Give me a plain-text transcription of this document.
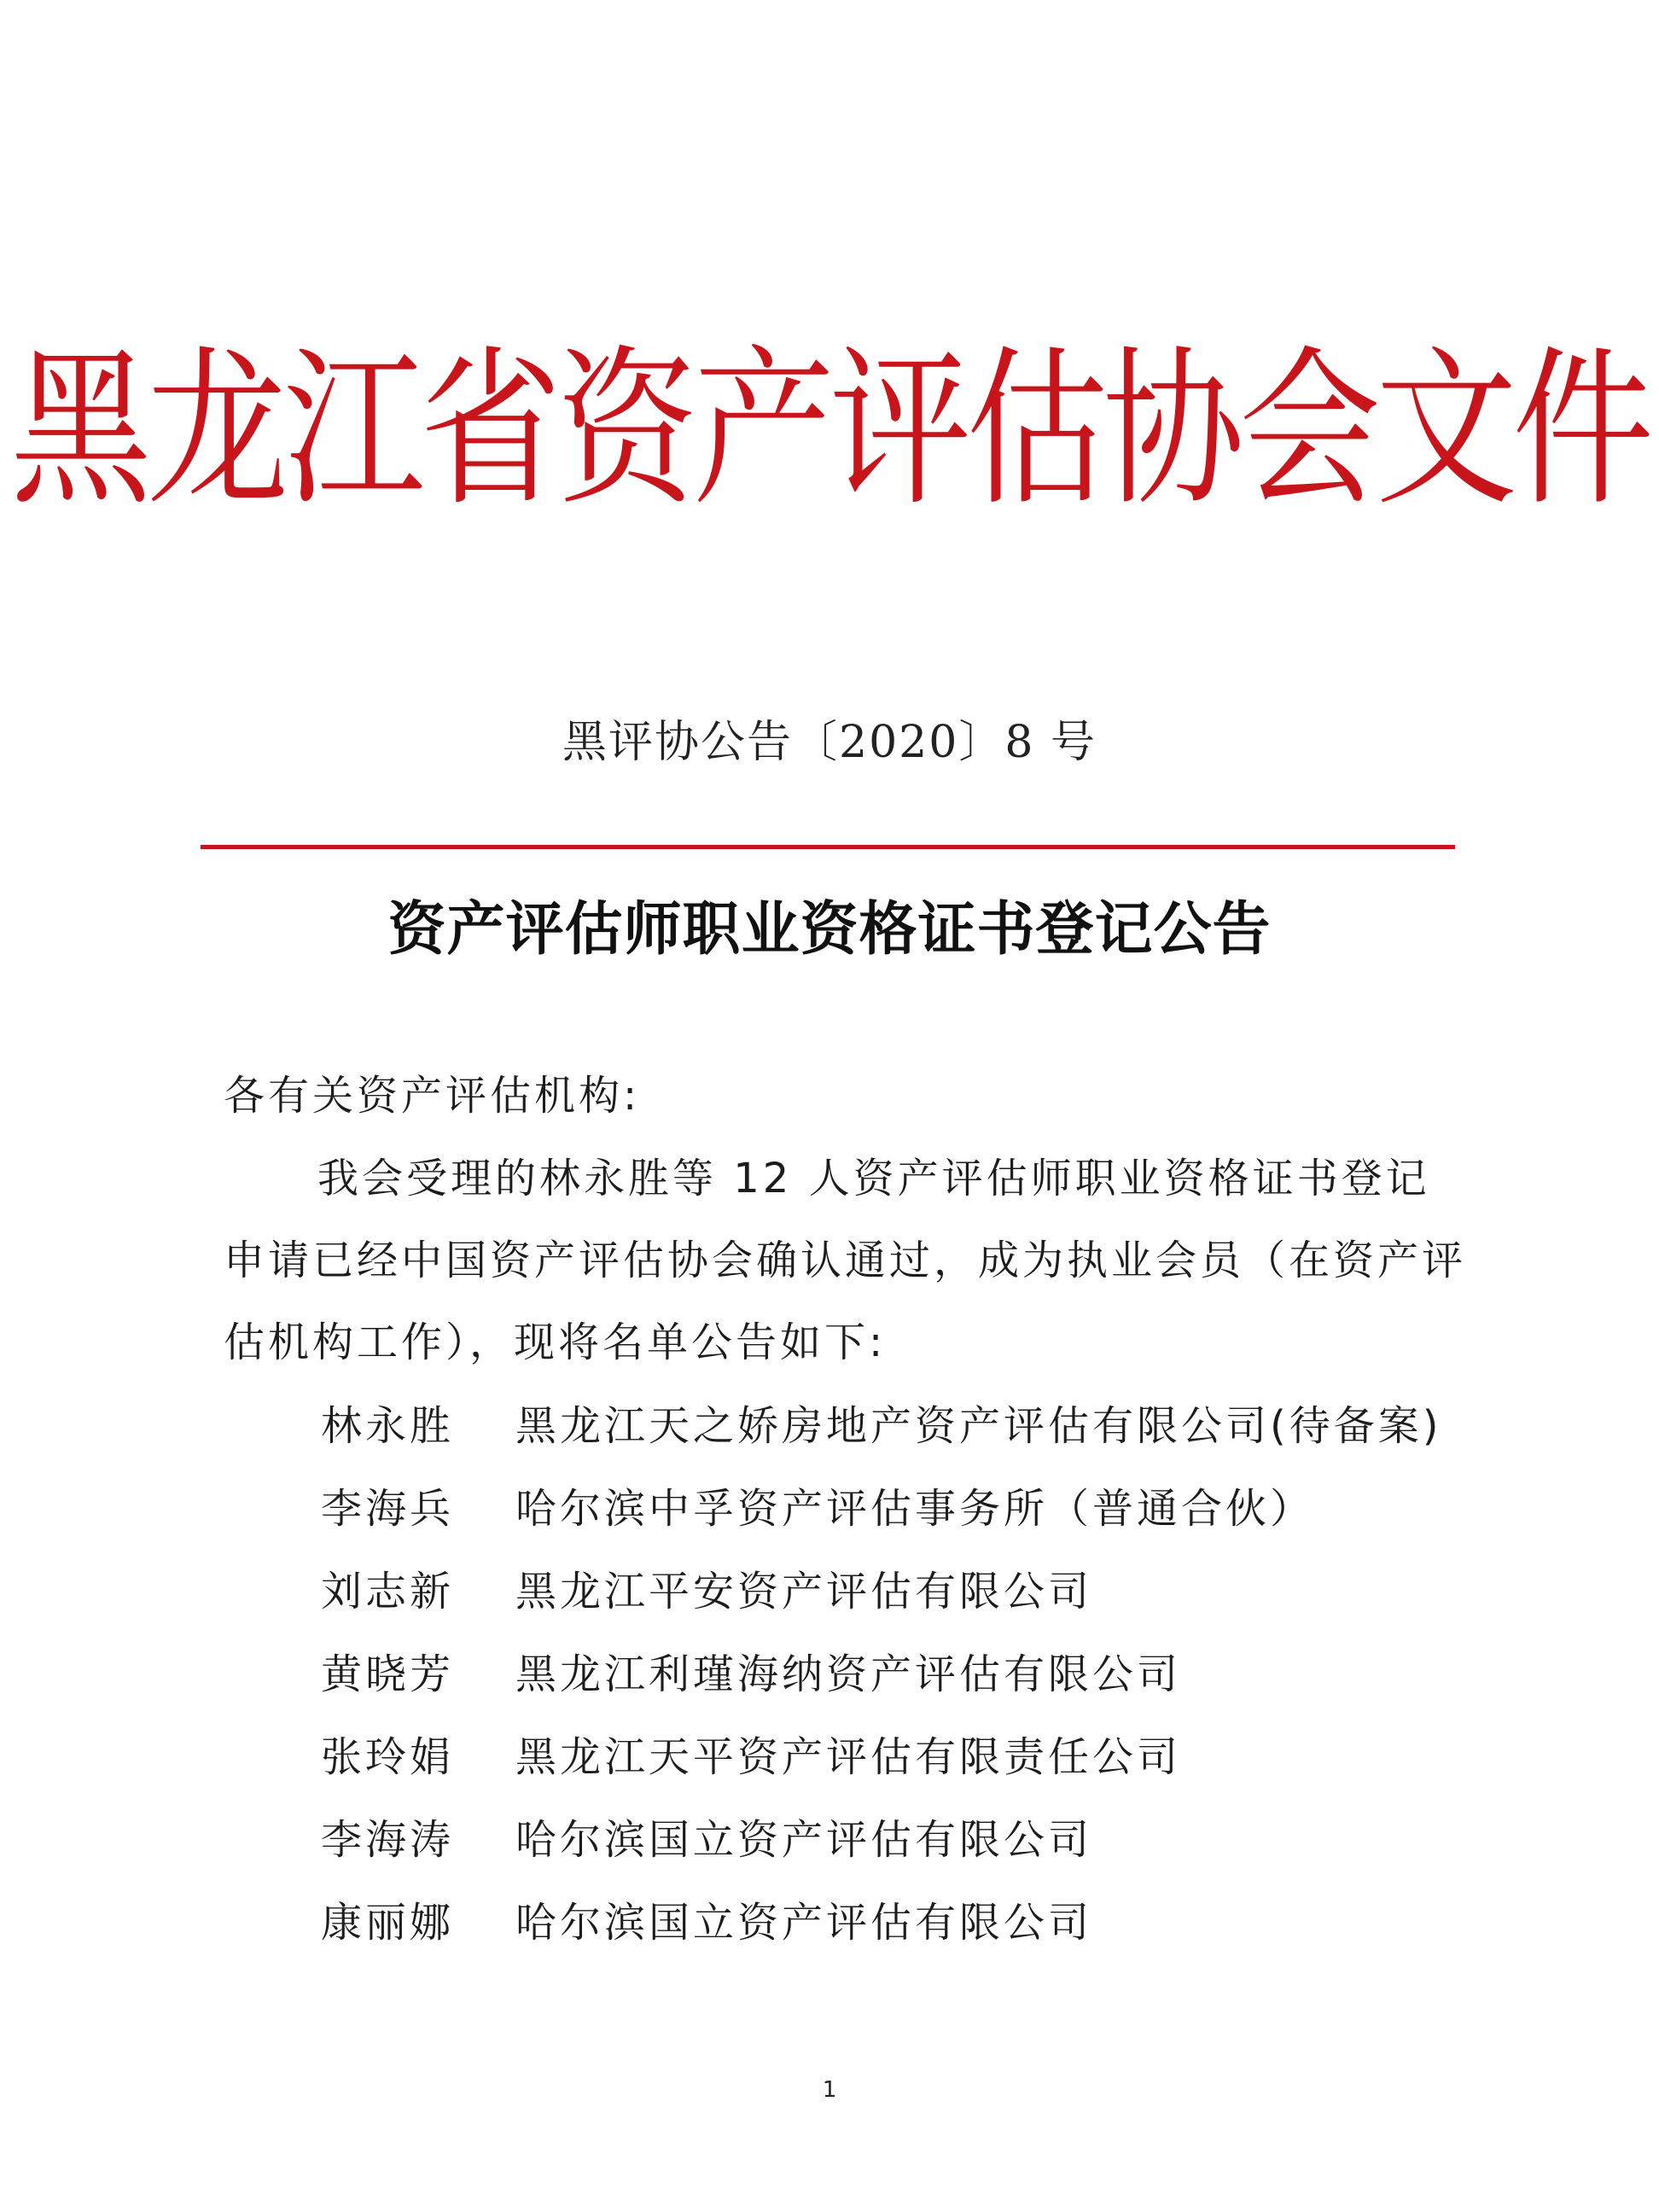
黑龙江省资产评估协会文件
黑评协公告〔2020〕8 号
资产评估师职业资格证书登记公告
各有关资产评估机构:
我会受理的林永胜等 12 人资产评估师职业资格证书登记申请已经中国资产评估协会确认通过，成为执业会员（在资产评估机构工作），现将名单公告如下:
林永胜	黑龙江天之娇房地产资产评估有限公司(待备案)
李海兵	哈尔滨中孚资产评估事务所（普通合伙）
刘志新	黑龙江平安资产评估有限公司
黄晓芳	黑龙江利瑾海纳资产评估有限公司
张玲娟	黑龙江天平资产评估有限责任公司
李海涛	哈尔滨国立资产评估有限公司
康丽娜	哈尔滨国立资产评估有限公司
1
